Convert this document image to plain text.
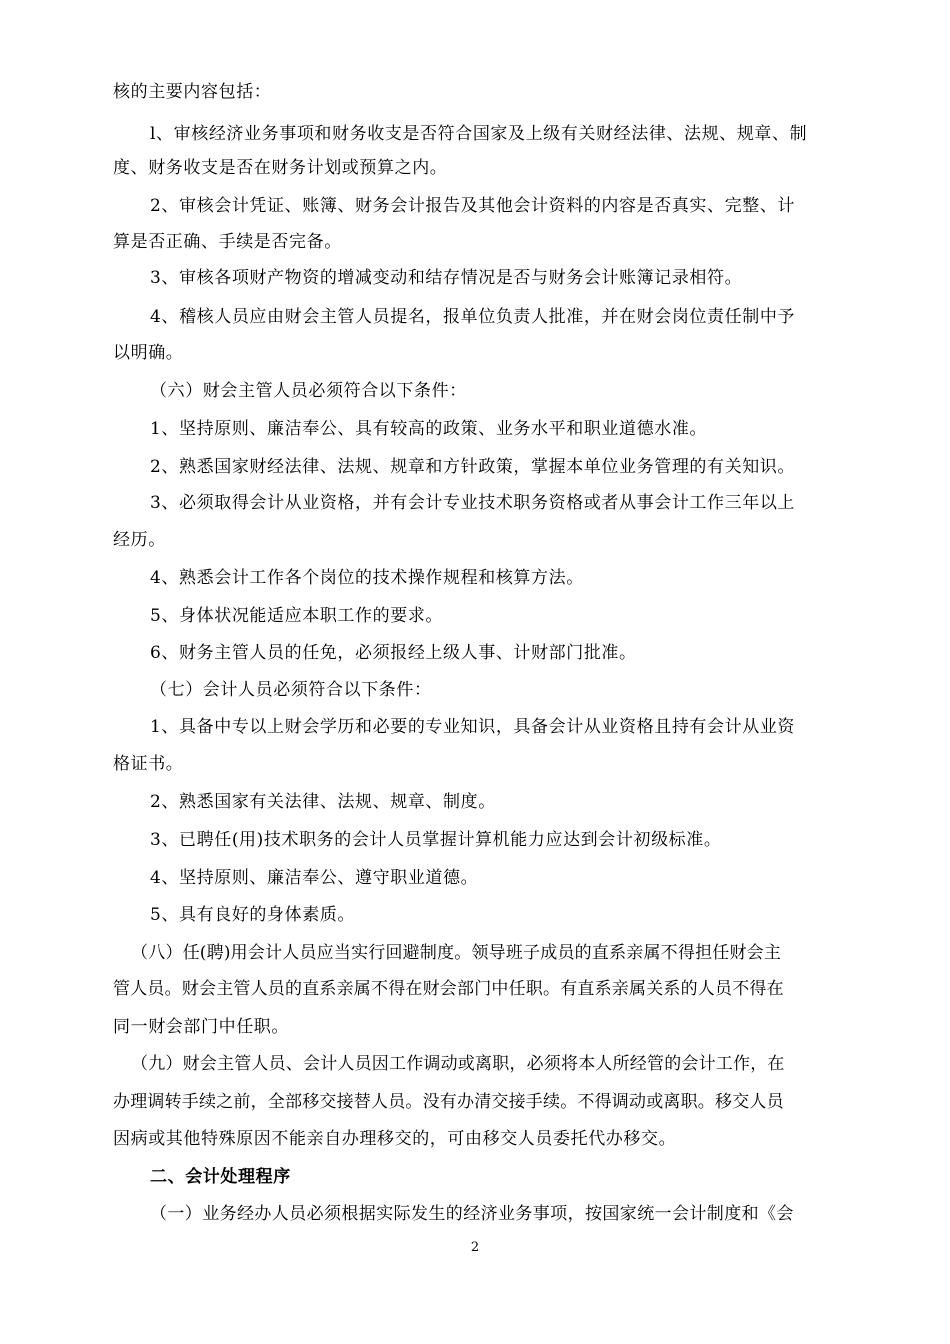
核的主要内容包括：
l、审核经济业务事项和财务收支是否符合国家及上级有关财经法律、法规、规章、制
度、财务收支是否在财务计划或预算之内。
2、审核会计凭证、账簿、财务会计报告及其他会计资料的内容是否真实、完整、计
算是否正确、手续是否完备。
3、审核各项财产物资的增减变动和结存情况是否与财务会计账簿记录相符。
4、稽核人员应由财会主管人员提名，报单位负责人批准，并在财会岗位责任制中予
以明确。
（六）财会主管人员必须符合以下条件：
1、坚持原则、廉洁奉公、具有较高的政策、业务水平和职业道德水准。
2、熟悉国家财经法律、法规、规章和方针政策，掌握本单位业务管理的有关知识。
3、必须取得会计从业资格，并有会计专业技术职务资格或者从事会计工作三年以上
经历。
4、熟悉会计工作各个岗位的技术操作规程和核算方法。
5、身体状况能适应本职工作的要求。
6、财务主管人员的任免，必须报经上级人事、计财部门批准。
（七）会计人员必须符合以下条件：
1、具备中专以上财会学历和必要的专业知识，具备会计从业资格且持有会计从业资
格证书。
2、熟悉国家有关法律、法规、规章、制度。
3、已聘任(用)技术职务的会计人员掌握计算机能力应达到会计初级标准。
4、坚持原则、廉洁奉公、遵守职业道德。
5、具有良好的身体素质。
（八）任(聘)用会计人员应当实行回避制度。领导班子成员的直系亲属不得担任财会主
管人员。财会主管人员的直系亲属不得在财会部门中任职。有直系亲属关系的人员不得在
同一财会部门中任职。
（九）财会主管人员、会计人员因工作调动或离职，必须将本人所经管的会计工作，在
办理调转手续之前，全部移交接替人员。没有办清交接手续。不得调动或离职。移交人员
因病或其他特殊原因不能亲自办理移交的，可由移交人员委托代办移交。
二、会计处理程序
（一）业务经办人员必须根据实际发生的经济业务事项，按国家统一会计制度和《会
2
